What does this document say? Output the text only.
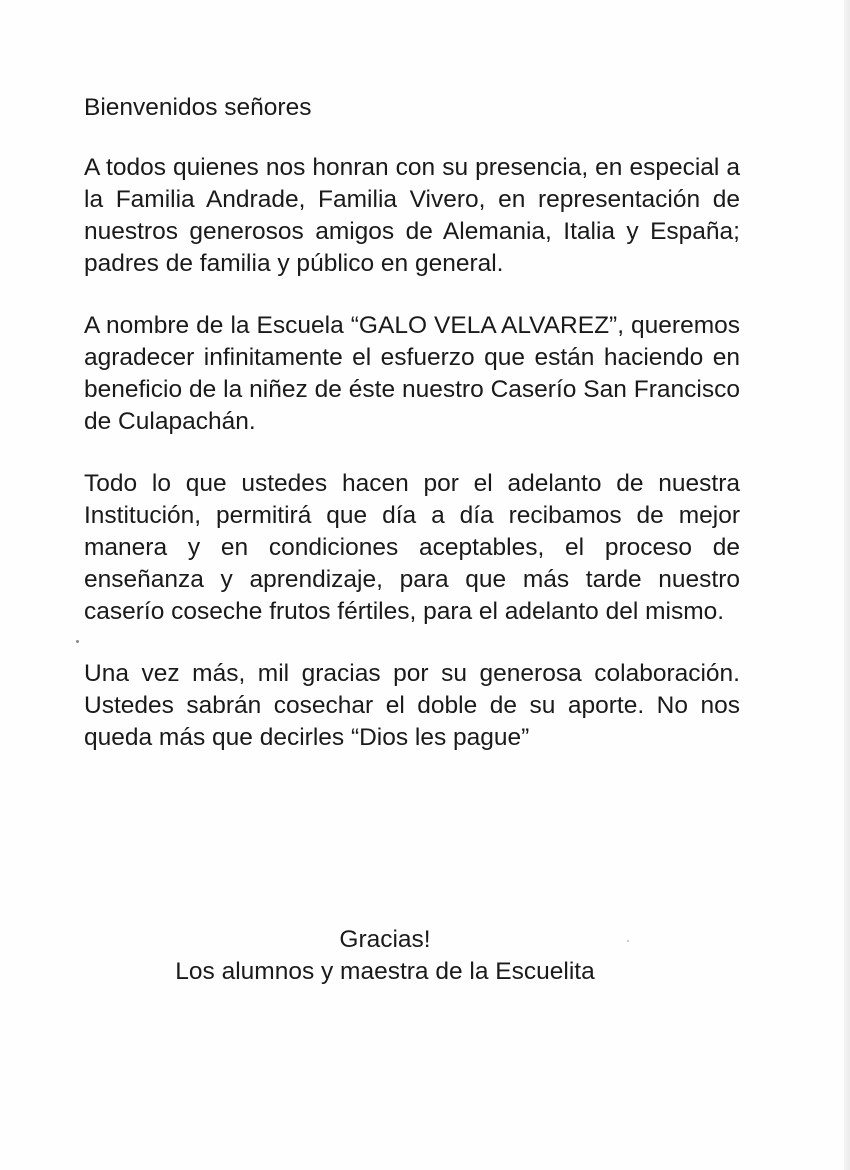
Bienvenidos señores

A todos quienes nos honran con su presencia, en especial a la Familia Andrade, Familia Vivero, en representación de nuestros generosos amigos de Alemania, Italia y España; padres de familia y público en general.

A nombre de la Escuela “GALO VELA ALVAREZ”, queremos agradecer infinitamente el esfuerzo que están haciendo en beneficio de la niñez de éste nuestro Caserío San Francisco de Culapachán.

Todo lo que ustedes hacen por el adelanto de nuestra Institución, permitirá que día a día recibamos de mejor manera y en condiciones aceptables, el proceso de enseñanza y aprendizaje, para que más tarde nuestro caserío coseche frutos fértiles, para el adelanto del mismo.

Una vez más, mil gracias por su generosa colaboración. Ustedes sabrán cosechar el doble de su aporte. No nos queda más que decirles “Dios les pague”

Gracias!
Los alumnos y maestra de la Escuelita
